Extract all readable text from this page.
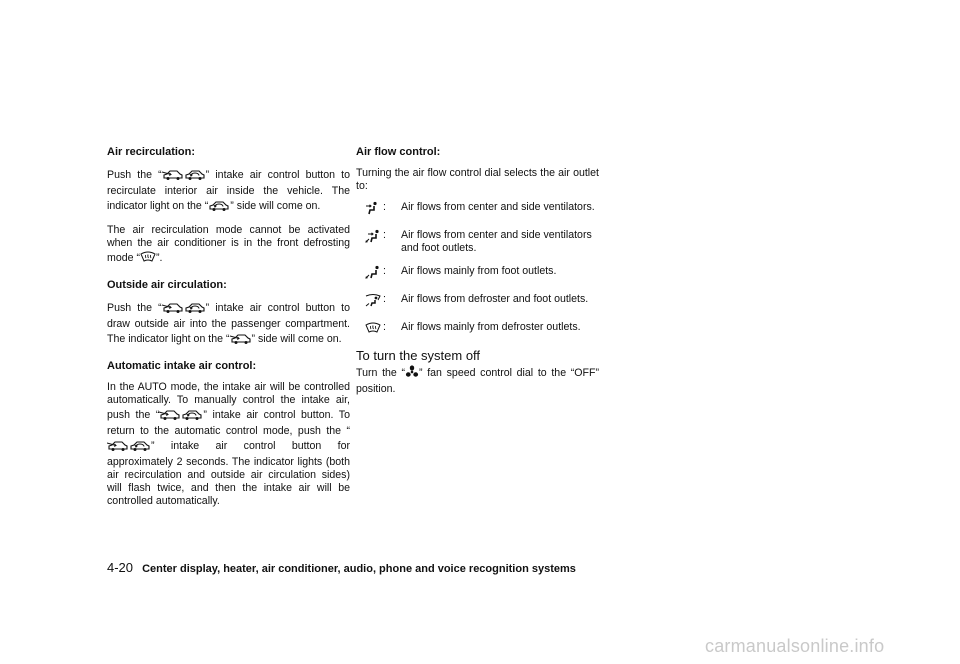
Air recirculation:

Push the “	” intake air control button to recirculate interior air inside the vehicle. The indicator light on the “ ” side will come on.

The air recirculation mode cannot be activated when the air conditioner is in the front defrosting mode “ ”.

Outside air circulation:

Push the “	” intake air control button to draw outside air into the passenger compartment. The indicator light on the “ ” side will come on.

Automatic intake air control:

In the AUTO mode, the intake air will be controlled automatically. To manually control the intake air, push the “	” intake air control button. To return to the automatic control mode, push the “” intake air control button for approximately 2 seconds. The indicator lights (both air recirculation and outside air circulation sides) will flash twice, and then the intake air will be controlled automatically.

Air flow control:

Turning the air flow control dial selects the air outlet to:

:	Air flows from center and side ventilators.
:	Air flows from center and side ventilators and foot outlets.
:	Air flows mainly from foot outlets.
:	Air flows from defroster and foot outlets.
:	Air flows mainly from defroster outlets.
To turn the system off

Turn the “ ” fan speed control dial to the “OFF” position.

4-20 Center display, heater, air conditioner, audio, phone and voice recognition systems
carmanualsonline.info
